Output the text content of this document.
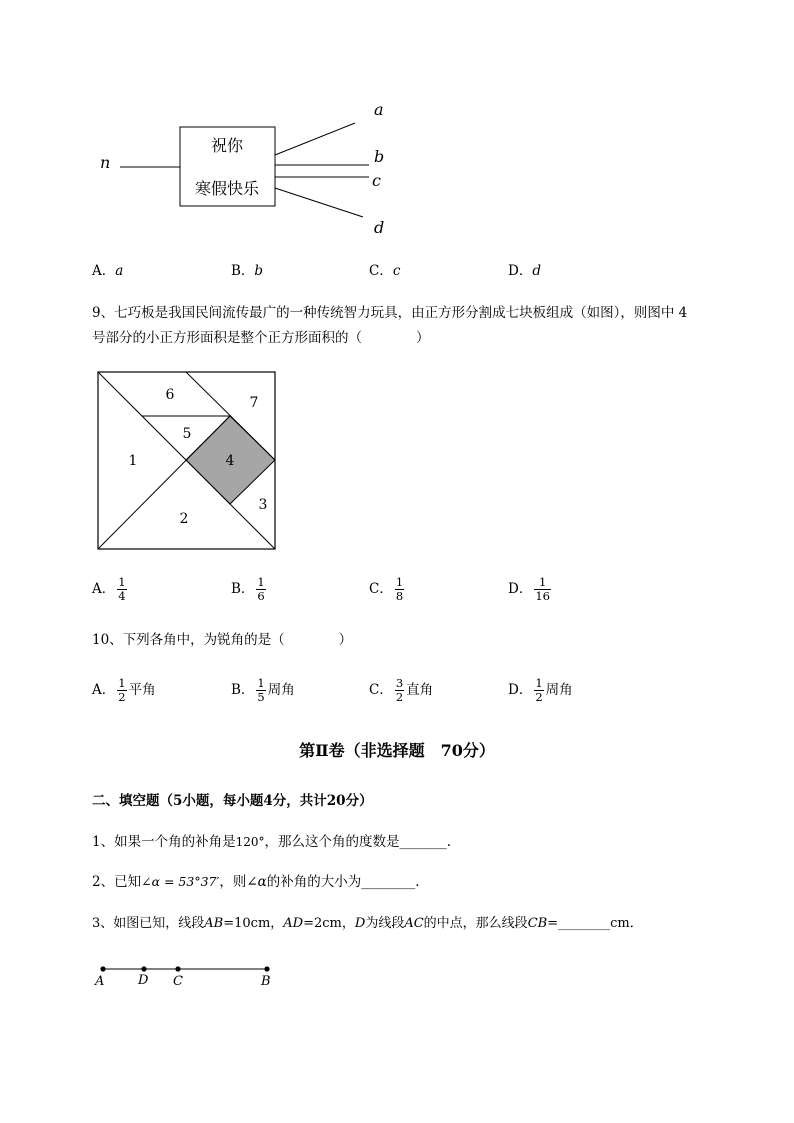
祝你
寒假快乐
n
a
b
c
d
A．a	B．b	C．c	D．d
9、七巧板是我国民间流传最广的一种传统智力玩具，由正方形分割成七块板组成（如图），则图中 4
号部分的小正方形面积是整个正方形面积的（　　　　）
6	7
5
1	4
3
2
A． $\frac{1}{4}$	B． $\frac{1}{6}$	C． $\frac{1}{8}$	D． $\frac{1}{16}$
10、下列各角中，为锐角的是（　　　　）
A． $\frac{1}{2}$ 平角	B． $\frac{1}{5}$ 周角	C． $\frac{3}{2}$ 直角	D． $\frac{1}{2}$ 周角
第Ⅱ卷（非选择题　70分）
二、填空题（5小题，每小题4分，共计20分）
1、如果一个角的补角是120°，那么这个角的度数是_______.
2、已知∠α = 53°37′，则∠α的补角的大小为________.
3、如图已知，线段AB=10cm，AD=2cm，D为线段AC的中点，那么线段CB=________cm．
A	D C	B
